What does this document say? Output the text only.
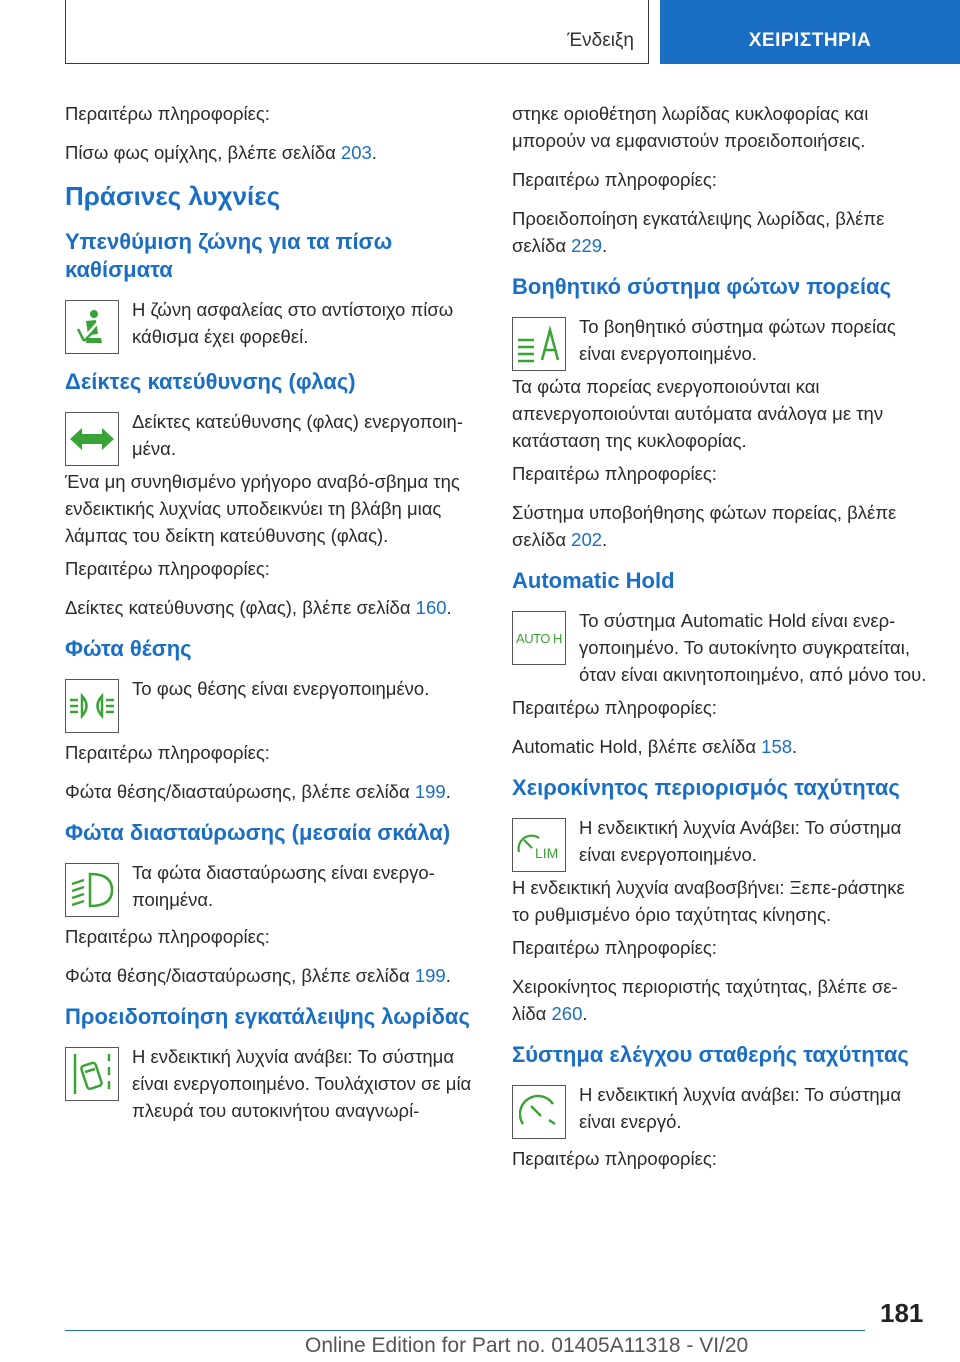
Ένδειξη	ΧΕΙΡΙΣΤΗΡΙΑ

Περαιτέρω πληροφορίες:

Πίσω φως ομίχλης, βλέπε σελίδα 203.

Πράσινες λυχνίες
Υπενθύμιση ζώνης για τα πίσω καθίσματα

Η ζώνη ασφαλείας στο αντίστοιχο πίσω κάθισμα έχει φορεθεί.

Δείκτες κατεύθυνσης (φλας)

Δείκτες κατεύθυνσης (φλας) ενεργοποιη-μένα.

Ένα μη συνηθισμένο γρήγορο αναβό-σβημα της ενδεικτικής λυχνίας υποδεικνύει τη βλάβη μιας λάμπας του δείκτη κατεύθυνσης (φλας).

Περαιτέρω πληροφορίες:

Δείκτες κατεύθυνσης (φλας), βλέπε σελίδα 160.

Φώτα θέσης

Το φως θέσης είναι ενεργοποιημένο.

Περαιτέρω πληροφορίες:

Φώτα θέσης/διασταύρωσης, βλέπε σελίδα 199.

Φώτα διασταύρωσης (μεσαία σκάλα)

Τα φώτα διασταύρωσης είναι ενεργο-ποιημένα.

Περαιτέρω πληροφορίες:

Φώτα θέσης/διασταύρωσης, βλέπε σελίδα 199.

Προειδοποίηση εγκατάλειψης λωρίδας

Η ενδεικτική λυχνία ανάβει: Το σύστημα είναι ενεργοποιημένο. Τουλάχιστον σε μία πλευρά του αυτοκινήτου αναγνωρί-

στηκε οριοθέτηση λωρίδας κυκλοφορίας και μπορούν να εμφανιστούν προειδοποιήσεις.

Περαιτέρω πληροφορίες:

Προειδοποίηση εγκατάλειψης λωρίδας, βλέπε σελίδα 229.

Βοηθητικό σύστημα φώτων πορείας

Το βοηθητικό σύστημα φώτων πορείας είναι ενεργοποιημένο.

Τα φώτα πορείας ενεργοποιούνται και απενεργοποιούνται αυτόματα ανάλογα με την κατάσταση της κυκλοφορίας.

Περαιτέρω πληροφορίες:

Σύστημα υποβοήθησης φώτων πορείας, βλέπε σελίδα 202.

Automatic Hold
AUTO H

Το σύστημα Automatic Hold είναι ενερ-γοποιημένο. Το αυτοκίνητο συγκρατείται, όταν είναι ακινητοποιημένο, από μόνο του.

Περαιτέρω πληροφορίες:

Automatic Hold, βλέπε σελίδα 158.

Χειροκίνητος περιορισμός ταχύτητας
LIM

Η ενδεικτική λυχνία Ανάβει: Το σύστημα είναι ενεργοποιημένο.

Η ενδεικτική λυχνία αναβοσβήνει: Ξεπε-ράστηκε το ρυθμισμένο όριο ταχύτητας κίνησης.

Περαιτέρω πληροφορίες:

Χειροκίνητος περιοριστής ταχύτητας, βλέπε σε-λίδα 260.

Σύστημα ελέγχου σταθερής ταχύτητας

Η ενδεικτική λυχνία ανάβει: Το σύστημα είναι ενεργό.

Περαιτέρω πληροφορίες:

181
Online Edition for Part no. 01405A11318 - VI/20
